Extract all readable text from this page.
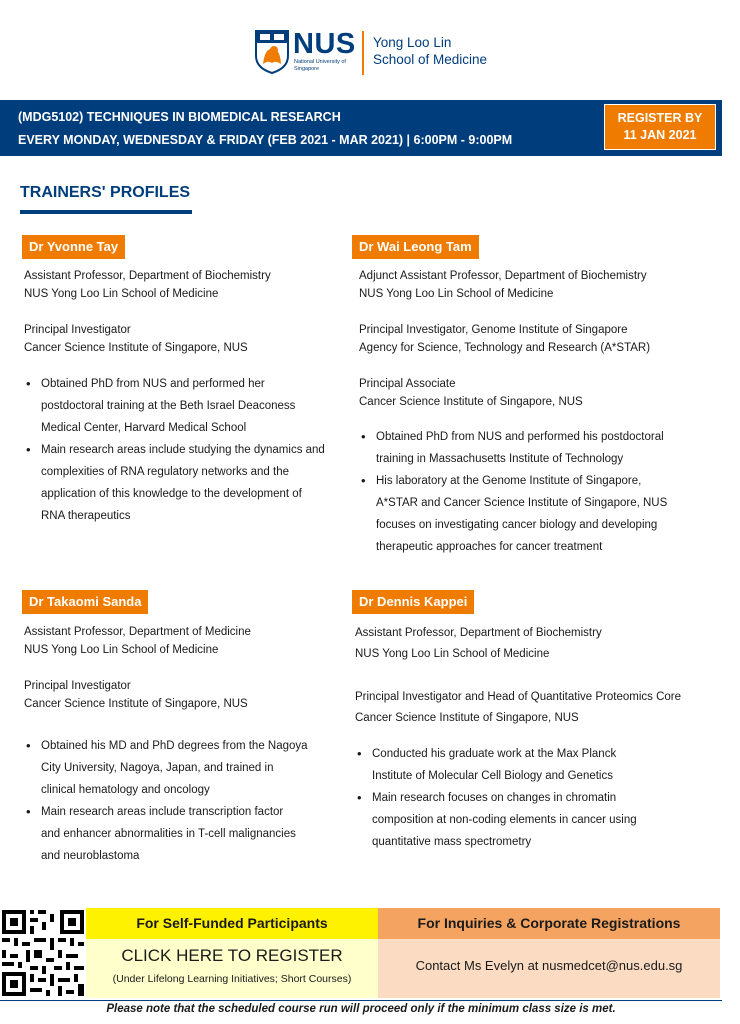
NUS
National University of Singapore
Yong Loo Lin
School of Medicine
(MDG5102) TECHNIQUES IN BIOMEDICAL RESEARCH
EVERY MONDAY, WEDNESDAY & FRIDAY (FEB 2021 - MAR 2021) | 6:00PM - 9:00PM
REGISTER BY
11 JAN 2021
TRAINERS' PROFILES
Dr Yvonne Tay
Assistant Professor, Department of Biochemistry
NUS Yong Loo Lin School of Medicine
Principal Investigator
Cancer Science Institute of Singapore, NUS
• Obtained PhD from NUS and performed her
postdoctoral training at the Beth Israel Deaconess
Medical Center, Harvard Medical School
• Main research areas include studying the dynamics and
complexities of RNA regulatory networks and the
application of this knowledge to the development of
RNA therapeutics
Dr Wai Leong Tam
Adjunct Assistant Professor, Department of Biochemistry
NUS Yong Loo Lin School of Medicine
Principal Investigator, Genome Institute of Singapore
Agency for Science, Technology and Research (A*STAR)
Principal Associate
Cancer Science Institute of Singapore, NUS
• Obtained PhD from NUS and performed his postdoctoral
training in Massachusetts Institute of Technology
• His laboratory at the Genome Institute of Singapore,
A*STAR and Cancer Science Institute of Singapore, NUS
focuses on investigating cancer biology and developing
therapeutic approaches for cancer treatment
Dr Takaomi Sanda
Assistant Professor, Department of Medicine
NUS Yong Loo Lin School of Medicine
Principal Investigator
Cancer Science Institute of Singapore, NUS
• Obtained his MD and PhD degrees from the Nagoya
City University, Nagoya, Japan, and trained in
clinical hematology and oncology
• Main research areas include transcription factor
and enhancer abnormalities in T-cell malignancies
and neuroblastoma
Dr Dennis Kappei
Assistant Professor, Department of Biochemistry
NUS Yong Loo Lin School of Medicine
Principal Investigator and Head of Quantitative Proteomics Core
Cancer Science Institute of Singapore, NUS
• Conducted his graduate work at the Max Planck
Institute of Molecular Cell Biology and Genetics
• Main research focuses on changes in chromatin
composition at non-coding elements in cancer using
quantitative mass spectrometry
For Self-Funded Participants
CLICK HERE TO REGISTER
(Under Lifelong Learning Initiatives; Short Courses)
For Inquiries & Corporate Registrations
Contact Ms Evelyn at nusmedcet@nus.edu.sg
Please note that the scheduled course run will proceed only if the minimum class size is met.
